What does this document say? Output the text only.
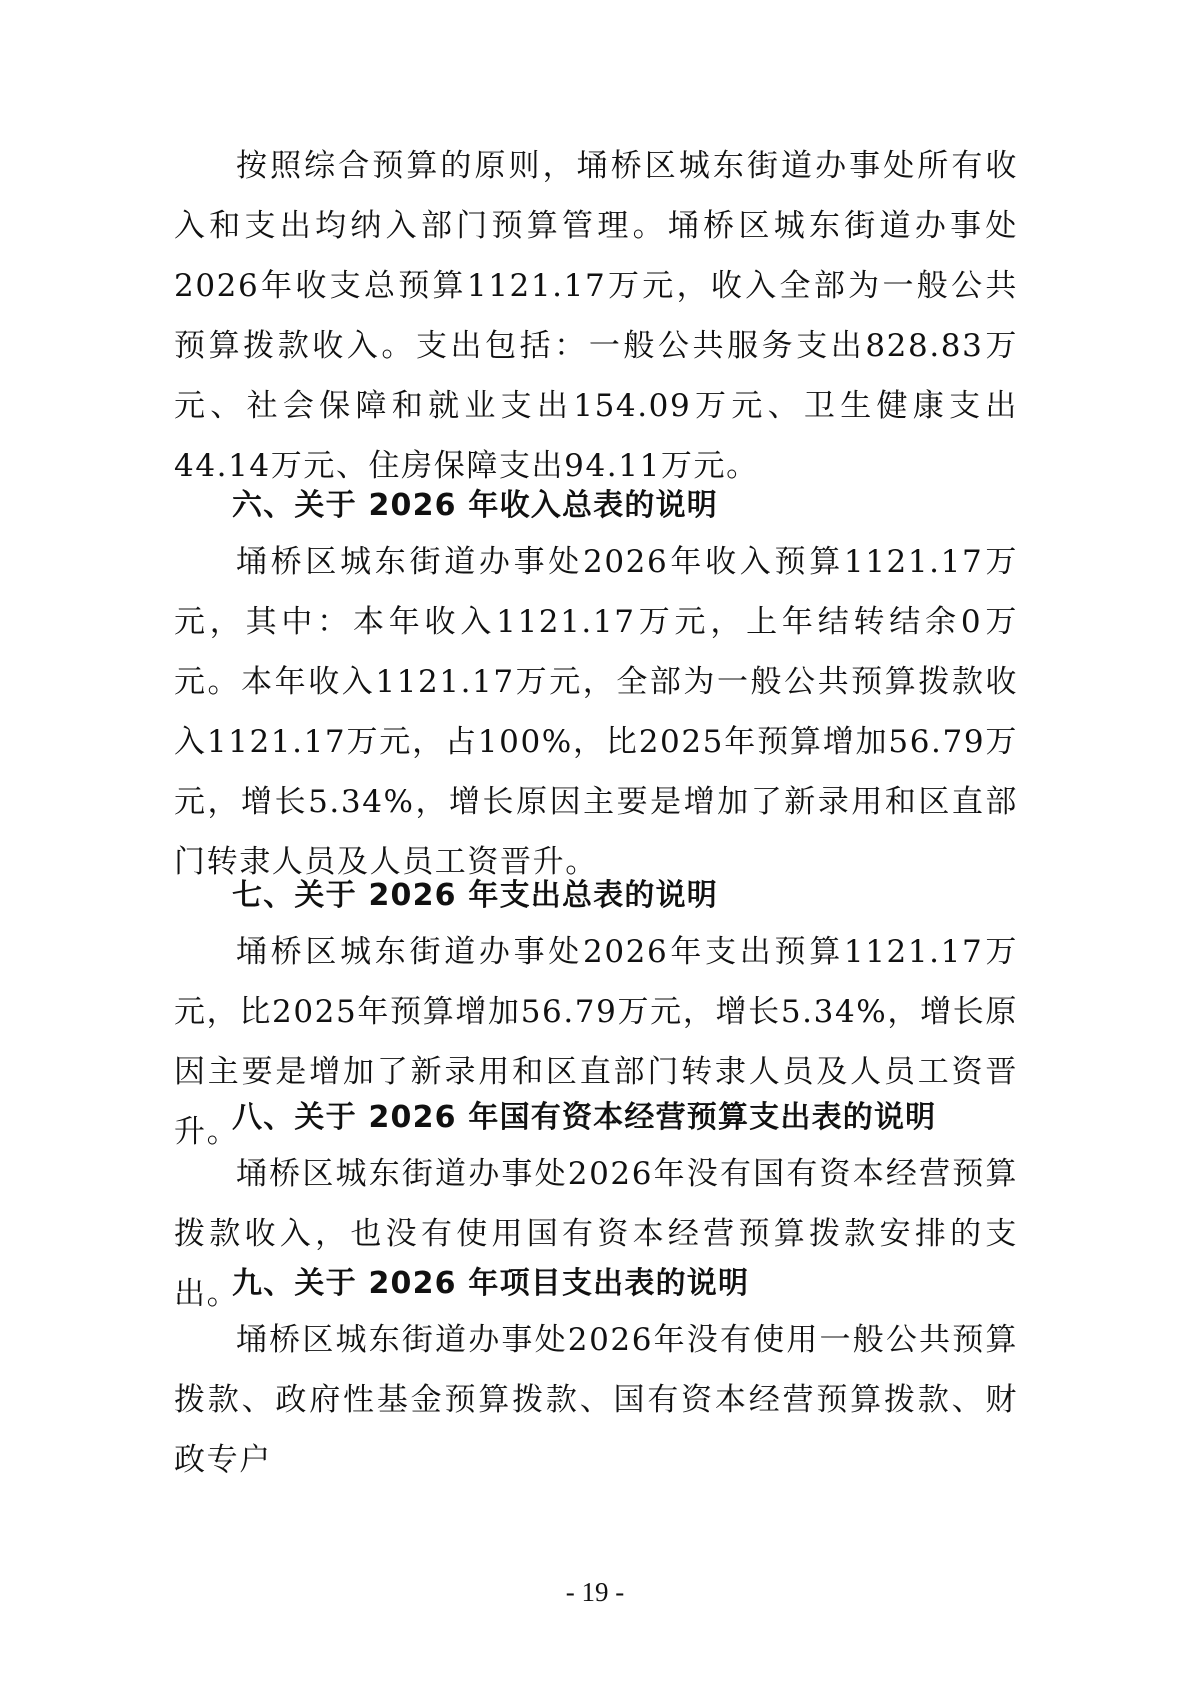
按照综合预算的原则，埇桥区城东街道办事处所有收入和支出均纳入部门预算管理。埇桥区城东街道办事处2026年收支总预算1121.17万元，收入全部为一般公共预算拨款收入。支出包括：一般公共服务支出828.83万元、社会保障和就业支出154.09万元、卫生健康支出44.14万元、住房保障支出94.11万元。

六、关于 2026 年收入总表的说明

埇桥区城东街道办事处2026年收入预算1121.17万元，其中：本年收入1121.17万元，上年结转结余0万元。本年收入1121.17万元，全部为一般公共预算拨款收入1121.17万元，占100%，比2025年预算增加56.79万元，增长5.34%，增长原因主要是增加了新录用和区直部门转隶人员及人员工资晋升。

七、关于 2026 年支出总表的说明

埇桥区城东街道办事处2026年支出预算1121.17万元，比2025年预算增加56.79万元，增长5.34%，增长原因主要是增加了新录用和区直部门转隶人员及人员工资晋升。

八、关于 2026 年国有资本经营预算支出表的说明

埇桥区城东街道办事处2026年没有国有资本经营预算拨款收入，也没有使用国有资本经营预算拨款安排的支出。

九、关于 2026 年项目支出表的说明

埇桥区城东街道办事处2026年没有使用一般公共预算拨款、政府性基金预算拨款、国有资本经营预算拨款、财政专户

- 19 -
